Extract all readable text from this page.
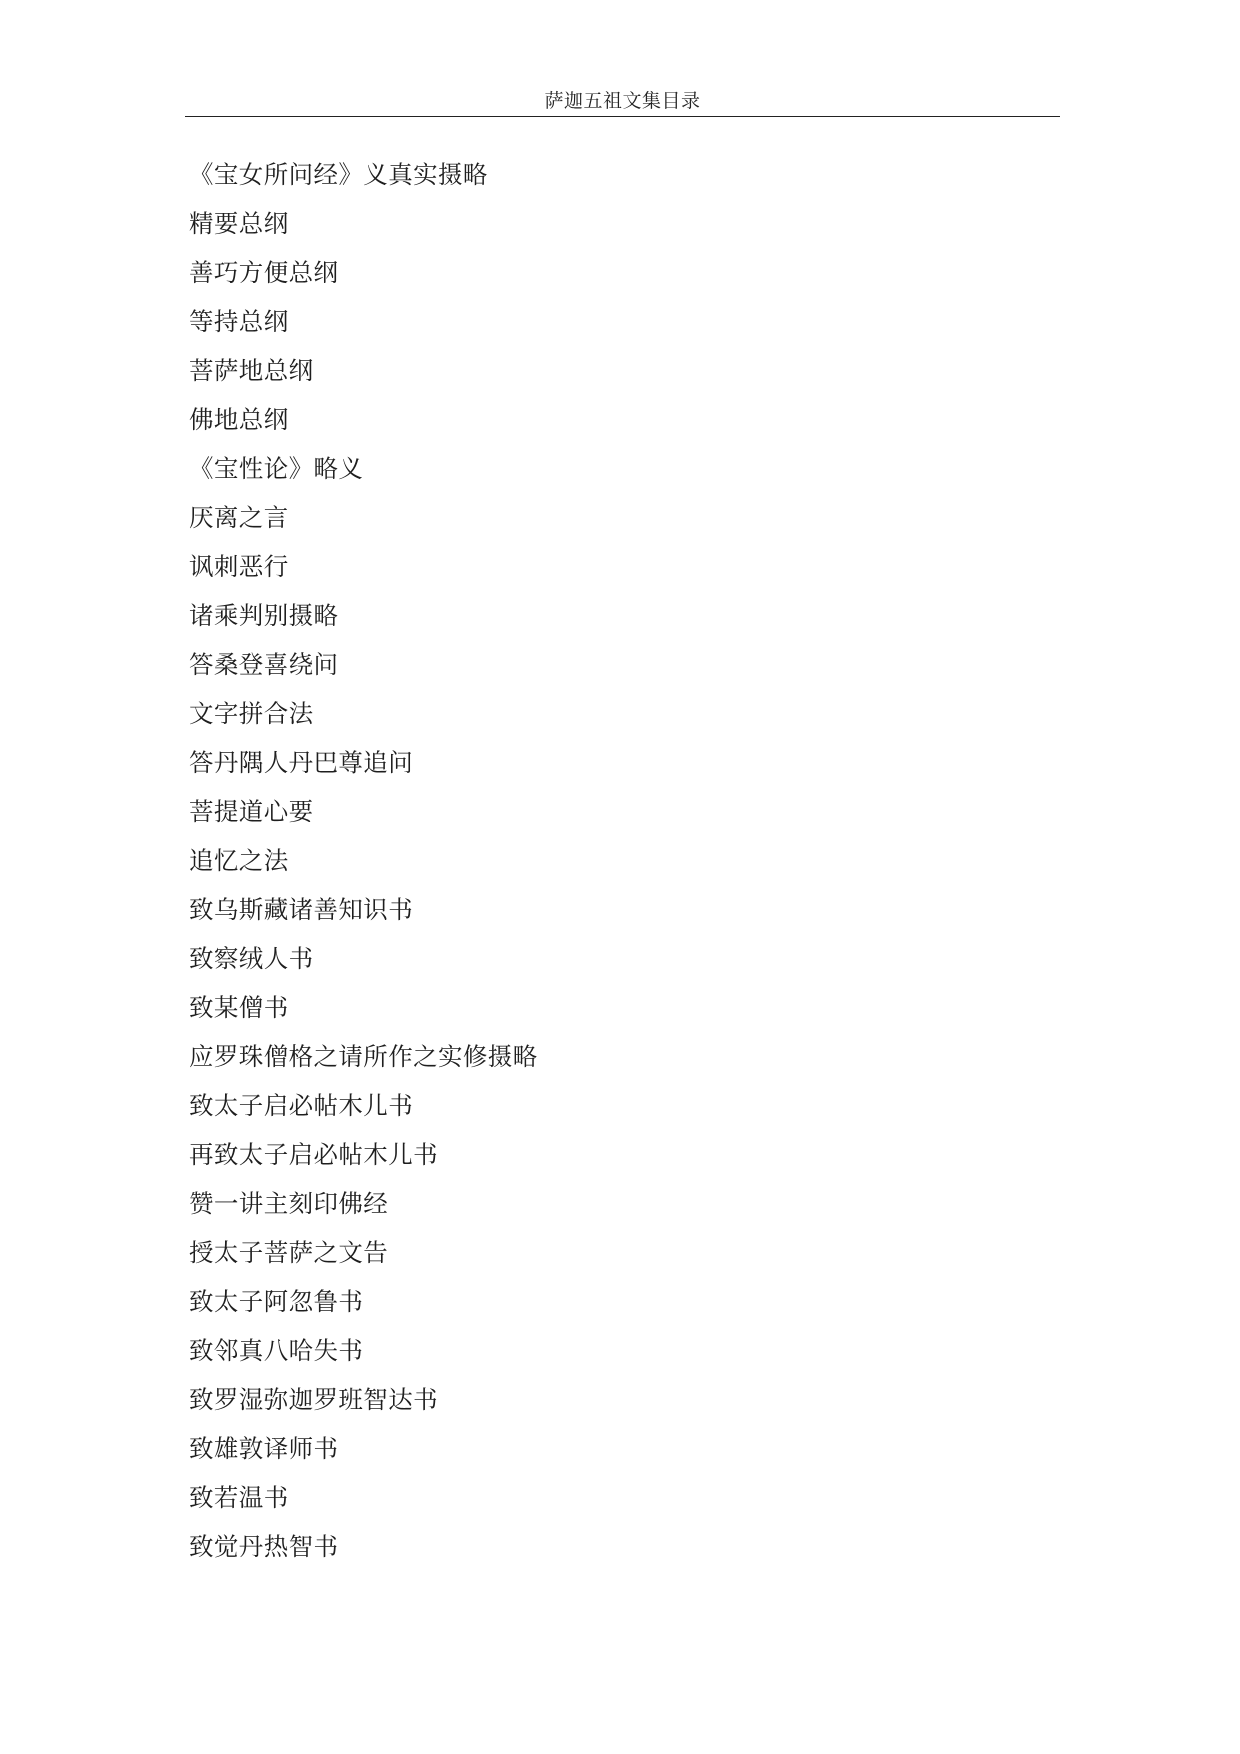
萨迦五祖文集目录
《宝女所问经》义真实摄略
精要总纲
善巧方便总纲
等持总纲
菩萨地总纲
佛地总纲
《宝性论》略义
厌离之言
讽刺恶行
诸乘判别摄略
答桑登喜绕问
文字拼合法
答丹隅人丹巴尊追问
菩提道心要
追忆之法
致乌斯藏诸善知识书
致察绒人书
致某僧书
应罗珠僧格之请所作之实修摄略
致太子启必帖木儿书
再致太子启必帖木儿书
赞一讲主刻印佛经
授太子菩萨之文告
致太子阿忽鲁书
致邻真八哈失书
致罗湿弥迦罗班智达书
致雄敦译师书
致若温书
致觉丹热智书
